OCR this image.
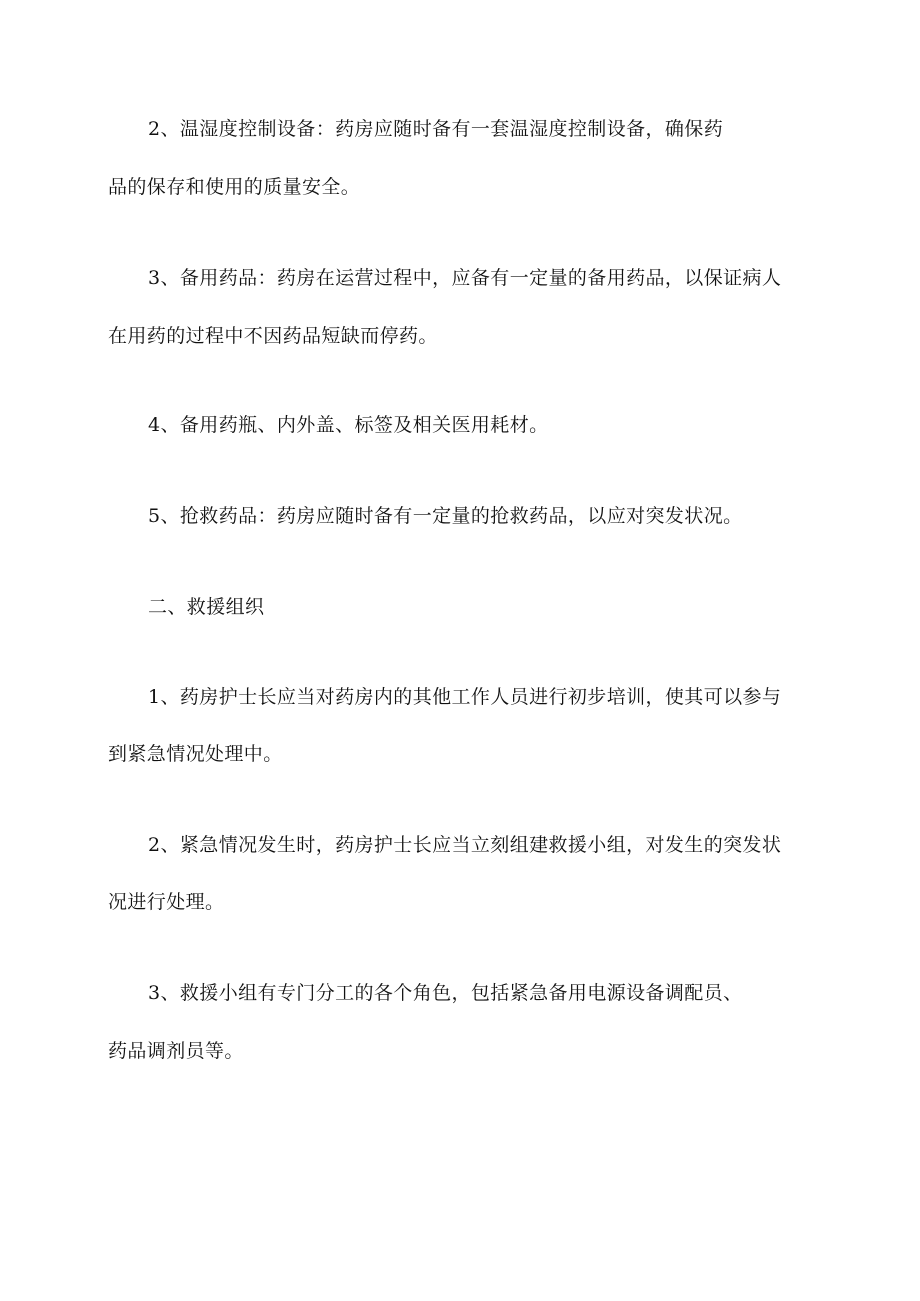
2、温湿度控制设备：药房应随时备有一套温湿度控制设备，确保药
品的保存和使用的质量安全。
3、备用药品：药房在运营过程中，应备有一定量的备用药品，以保证病人
在用药的过程中不因药品短缺而停药。
4、备用药瓶、内外盖、标签及相关医用耗材。
5、抢救药品：药房应随时备有一定量的抢救药品，以应对突发状况。
二、救援组织
1、药房护士长应当对药房内的其他工作人员进行初步培训，使其可以参与
到紧急情况处理中。
2、紧急情况发生时，药房护士长应当立刻组建救援小组，对发生的突发状
况进行处理。
3、救援小组有专门分工的各个角色，包括紧急备用电源设备调配员、
药品调剂员等。
